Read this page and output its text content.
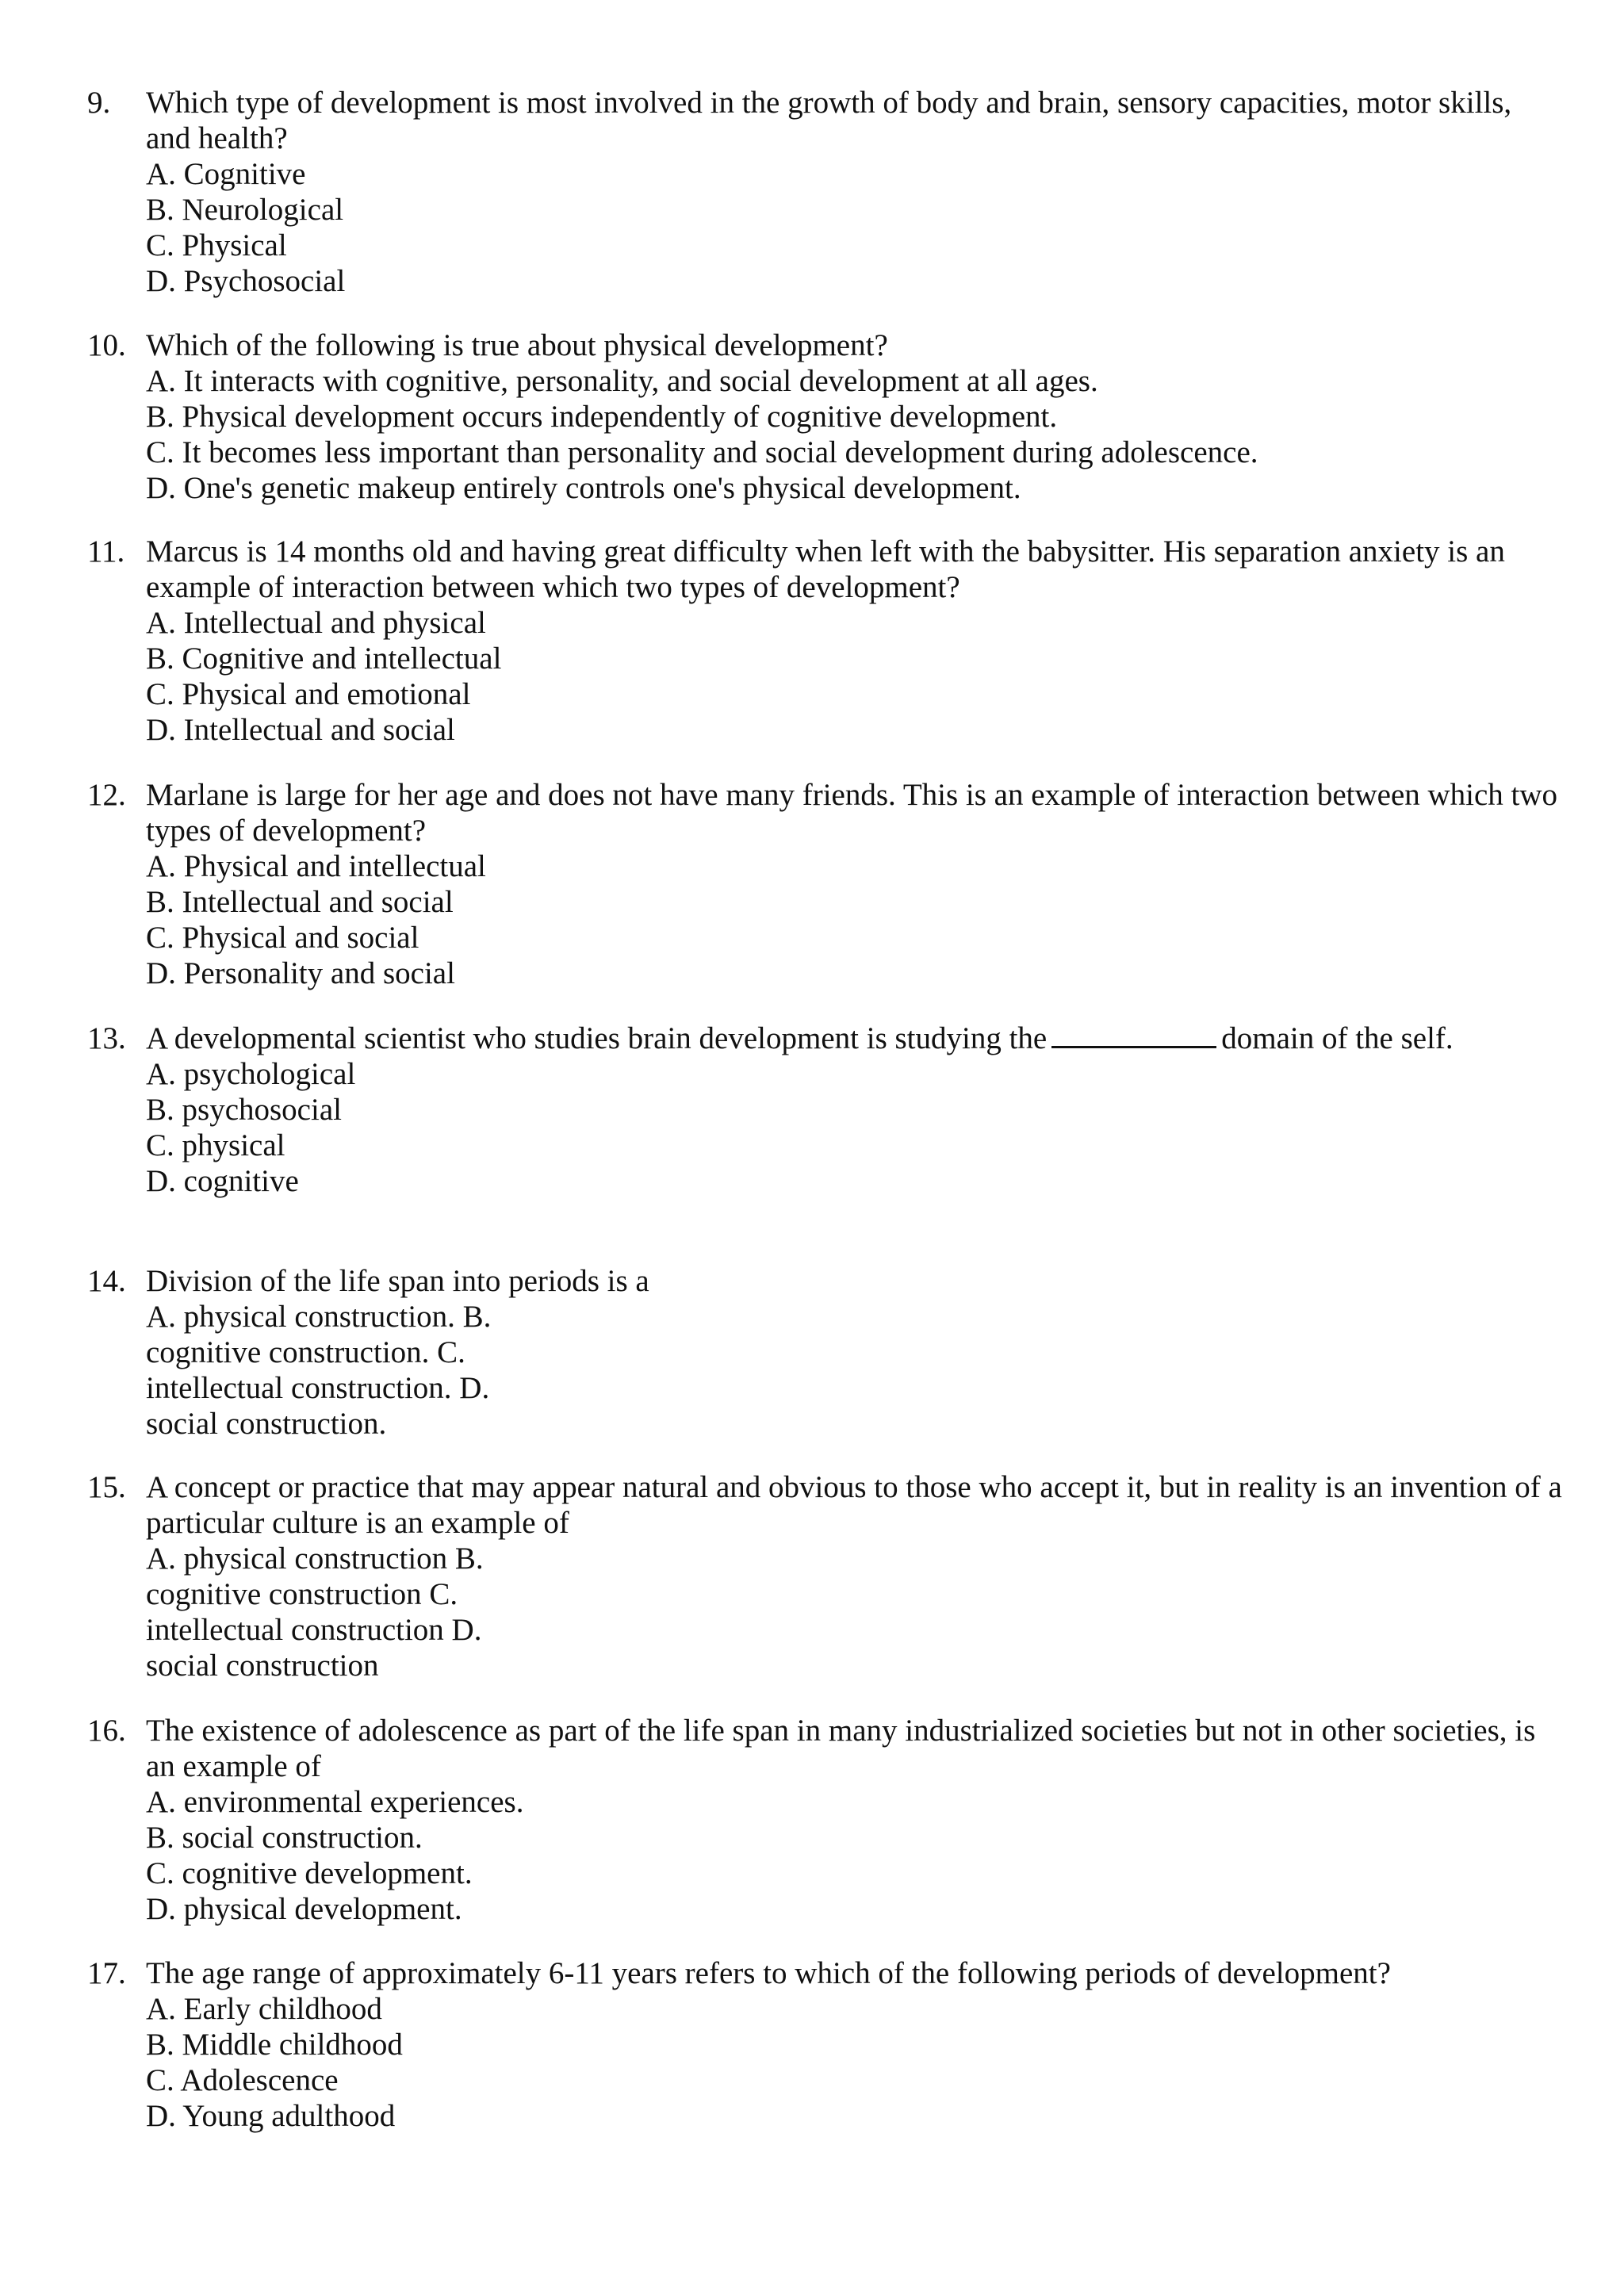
9. Which type of development is most involved in the growth of body and brain, sensory capacities, motor skills, and health?
A. Cognitive
B. Neurological
C. Physical
D. Psychosocial
10. Which of the following is true about physical development?
A. It interacts with cognitive, personality, and social development at all ages.
B. Physical development occurs independently of cognitive development.
C. It becomes less important than personality and social development during adolescence.
D. One's genetic makeup entirely controls one's physical development.
11. Marcus is 14 months old and having great difficulty when left with the babysitter. His separation anxiety is an example of interaction between which two types of development?
A. Intellectual and physical
B. Cognitive and intellectual
C. Physical and emotional
D. Intellectual and social
12. Marlane is large for her age and does not have many friends. This is an example of interaction between which two types of development?
A. Physical and intellectual
B. Intellectual and social
C. Physical and social
D. Personality and social
13. A developmental scientist who studies brain development is studying the	domain of the self.
A. psychological
B. psychosocial
C. physical
D. cognitive
14. Division of the life span into periods is a
A. physical construction. B.
cognitive construction. C.
intellectual construction. D.
social construction.
15. A concept or practice that may appear natural and obvious to those who accept it, but in reality is an invention of a particular culture is an example of
A. physical construction B.
cognitive construction C.
intellectual construction D.
social construction
16. The existence of adolescence as part of the life span in many industrialized societies but not in other societies, is an example of
A. environmental experiences.
B. social construction.
C. cognitive development.
D. physical development.
17. The age range of approximately 6-11 years refers to which of the following periods of development?
A. Early childhood
B. Middle childhood
C. Adolescence
D. Young adulthood
